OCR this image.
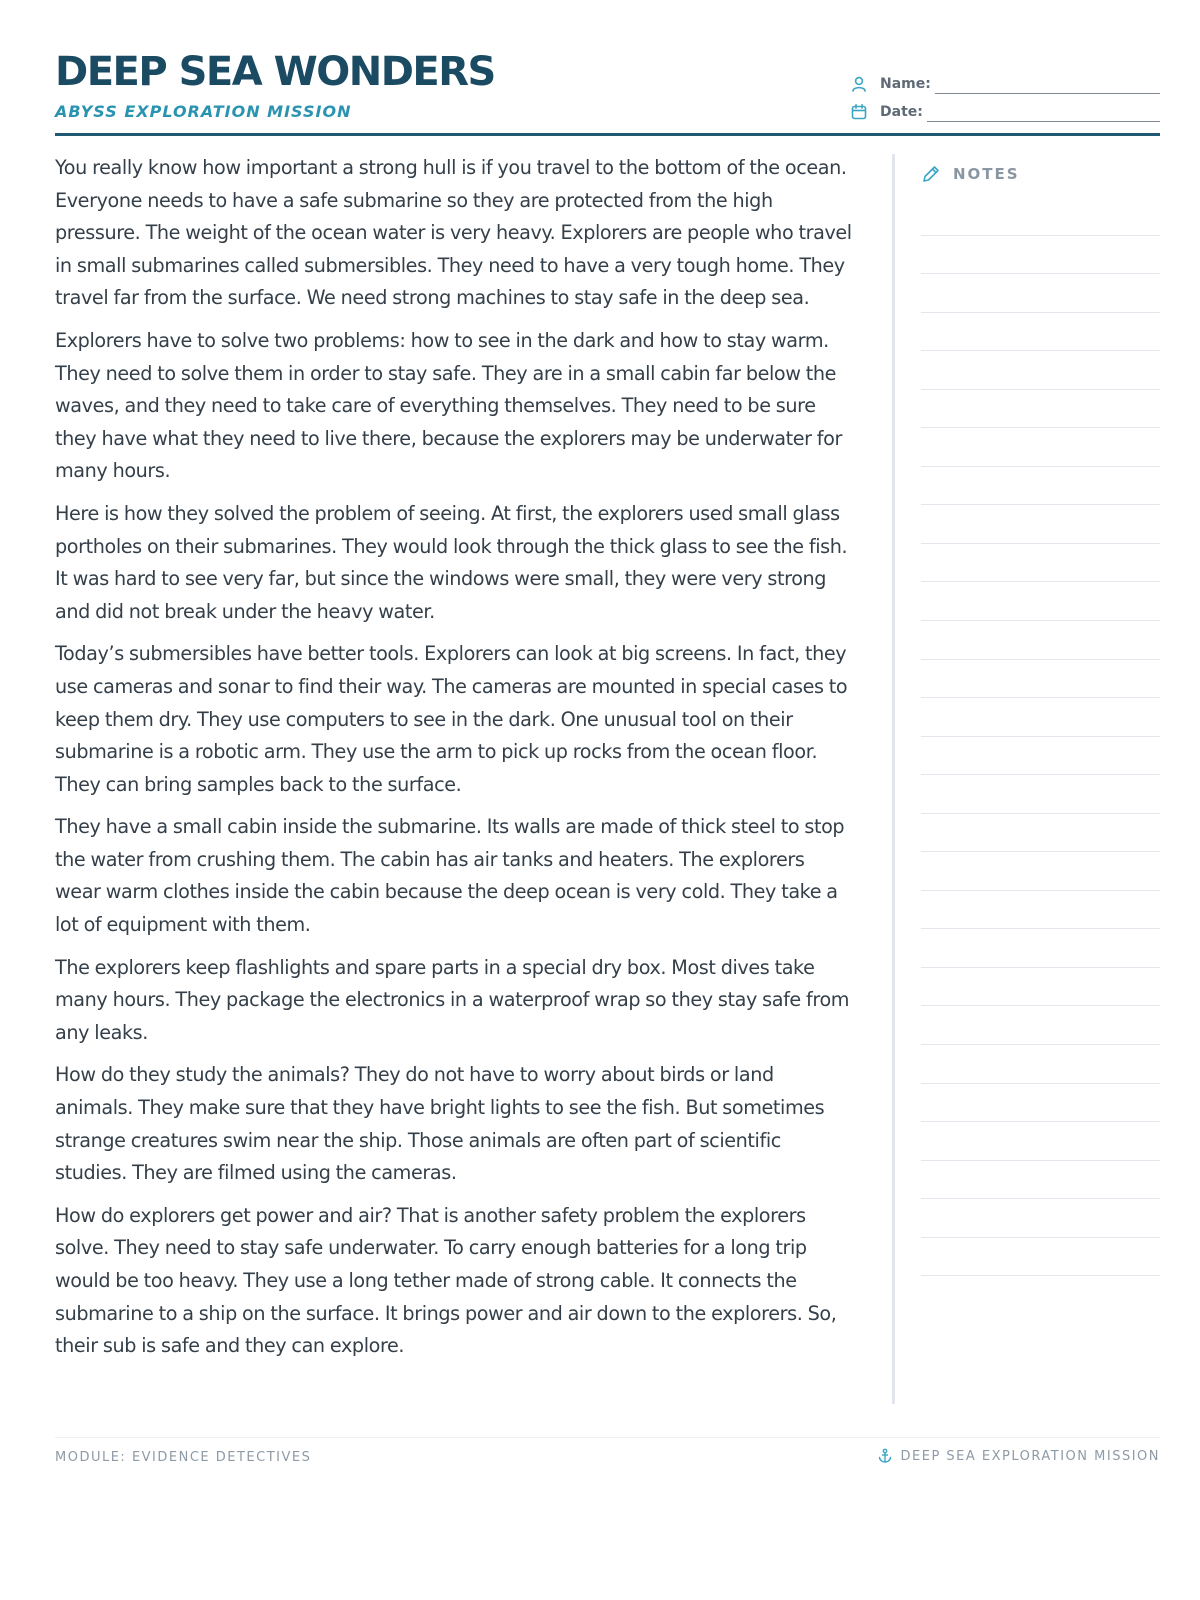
DEEP SEA WONDERS
ABYSS EXPLORATION MISSION
Name:
Date:

You really know how important a strong hull is if you travel to the bottom of the ocean. Everyone needs to have a safe submarine so they are protected from the high pressure. The weight of the ocean water is very heavy. Explorers are people who travel in small submarines called submersibles. They need to have a very tough home. They travel far from the surface. We need strong machines to stay safe in the deep sea.

Explorers have to solve two problems: how to see in the dark and how to stay warm. They need to solve them in order to stay safe. They are in a small cabin far below the waves, and they need to take care of everything themselves. They need to be sure they have what they need to live there, because the explorers may be underwater for many hours.

Here is how they solved the problem of seeing. At first, the explorers used small glass portholes on their submarines. They would look through the thick glass to see the fish. It was hard to see very far, but since the windows were small, they were very strong and did not break under the heavy water.

Today’s submersibles have better tools. Explorers can look at big screens. In fact, they use cameras and sonar to find their way. The cameras are mounted in special cases to keep them dry. They use computers to see in the dark. One unusual tool on their submarine is a robotic arm. They use the arm to pick up rocks from the ocean floor. They can bring samples back to the surface.

They have a small cabin inside the submarine. Its walls are made of thick steel to stop the water from crushing them. The cabin has air tanks and heaters. The explorers wear warm clothes inside the cabin because the deep ocean is very cold. They take a lot of equipment with them.

The explorers keep flashlights and spare parts in a special dry box. Most dives take many hours. They package the electronics in a waterproof wrap so they stay safe from any leaks.

How do they study the animals? They do not have to worry about birds or land animals. They make sure that they have bright lights to see the fish. But sometimes strange creatures swim near the ship. Those animals are often part of scientific studies. They are filmed using the cameras.

How do explorers get power and air? That is another safety problem the explorers solve. They need to stay safe underwater. To carry enough batteries for a long trip would be too heavy. They use a long tether made of strong cable. It connects the submarine to a ship on the surface. It brings power and air down to the explorers. So, their sub is safe and they can explore.

NOTES
MODULE: EVIDENCE DETECTIVES	DEEP SEA EXPLORATION MISSION
